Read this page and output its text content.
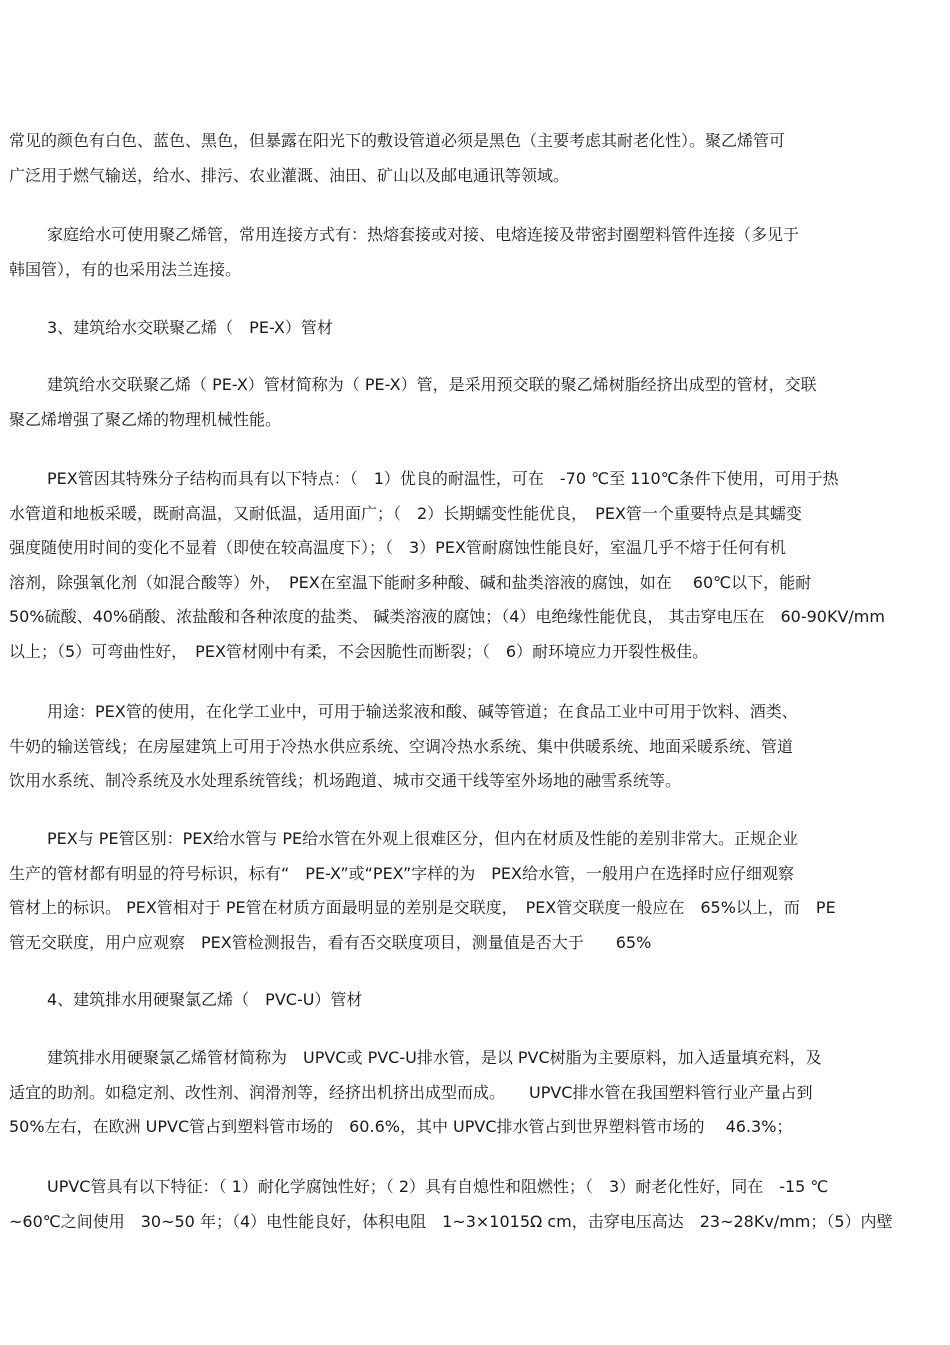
常见的颜色有白色、蓝色、黑色，但暴露在阳光下的敷设管道必须是黑色（主要考虑其耐老化性）。聚乙烯管可
广泛用于燃气输送，给水、排污、农业灌溉、油田、矿山以及邮电通讯等领域。
家庭给水可使用聚乙烯管，常用连接方式有：热熔套接或对接、电熔连接及带密封圈塑料管件连接（多见于
韩国管），有的也采用法兰连接。
3、建筑给水交联聚乙烯（　PE-X）管材
建筑给水交联聚乙烯（ PE-X）管材简称为（ PE-X）管，是采用预交联的聚乙烯树脂经挤出成型的管材，交联
聚乙烯增强了聚乙烯的物理机械性能。
PEX管因其特殊分子结构而具有以下特点：（　1）优良的耐温性，可在　-70 ℃至 110℃条件下使用，可用于热
水管道和地板采暖，既耐高温，又耐低温，适用面广；（　2）长期蠕变性能优良，　PEX管一个重要特点是其蠕变
强度随使用时间的变化不显着（即使在较高温度下）；（　3）PEX管耐腐蚀性能良好，室温几乎不熔于任何有机
溶剂，除强氧化剂（如混合酸等）外，　PEX在室温下能耐多种酸、碱和盐类溶液的腐蚀，如在　 60℃以下，能耐
50%硫酸、40%硝酸、浓盐酸和各种浓度的盐类、 碱类溶液的腐蚀；（4）电绝缘性能优良， 其击穿电压在　60-90KV/mm
以上；（5）可弯曲性好，　PEX管材刚中有柔，不会因脆性而断裂；（　6）耐环境应力开裂性极佳。
用途：PEX管的使用，在化学工业中，可用于输送浆液和酸、碱等管道；在食品工业中可用于饮料、酒类、
牛奶的输送管线；在房屋建筑上可用于冷热水供应系统、空调冷热水系统、集中供暖系统、地面采暖系统、管道
饮用水系统、制冷系统及水处理系统管线；机场跑道、城市交通干线等室外场地的融雪系统等。
PEX与 PE管区别：PEX给水管与 PE给水管在外观上很难区分，但内在材质及性能的差别非常大。正规企业
生产的管材都有明显的符号标识，标有“　PE-X”或“PEX”字样的为　PEX给水管，一般用户在选择时应仔细观察
管材上的标识。 PEX管相对于 PE管在材质方面最明显的差别是交联度，　PEX管交联度一般应在　65%以上，而　PE
管无交联度，用户应观察　PEX管检测报告，看有否交联度项目，测量值是否大于　　65%
4、建筑排水用硬聚氯乙烯（　PVC-U）管材
建筑排水用硬聚氯乙烯管材简称为　UPVC或 PVC-U排水管，是以 PVC树脂为主要原料，加入适量填充料，及
适宜的助剂。如稳定剂、改性剂、润滑剂等，经挤出机挤出成型而成。　　UPVC排水管在我国塑料管行业产量占到
50%左右，在欧洲 UPVC管占到塑料管市场的　60.6%，其中 UPVC排水管占到世界塑料管市场的　 46.3%；
UPVC管具有以下特征：（ 1）耐化学腐蚀性好；（ 2）具有自熄性和阻燃性；（　3）耐老化性好，同在　-15 ℃
~60℃之间使用　30~50 年；（4）电性能良好，体积电阻　1~3×1015Ω cm，击穿电压高达　23~28Kv/mm；（5）内壁
